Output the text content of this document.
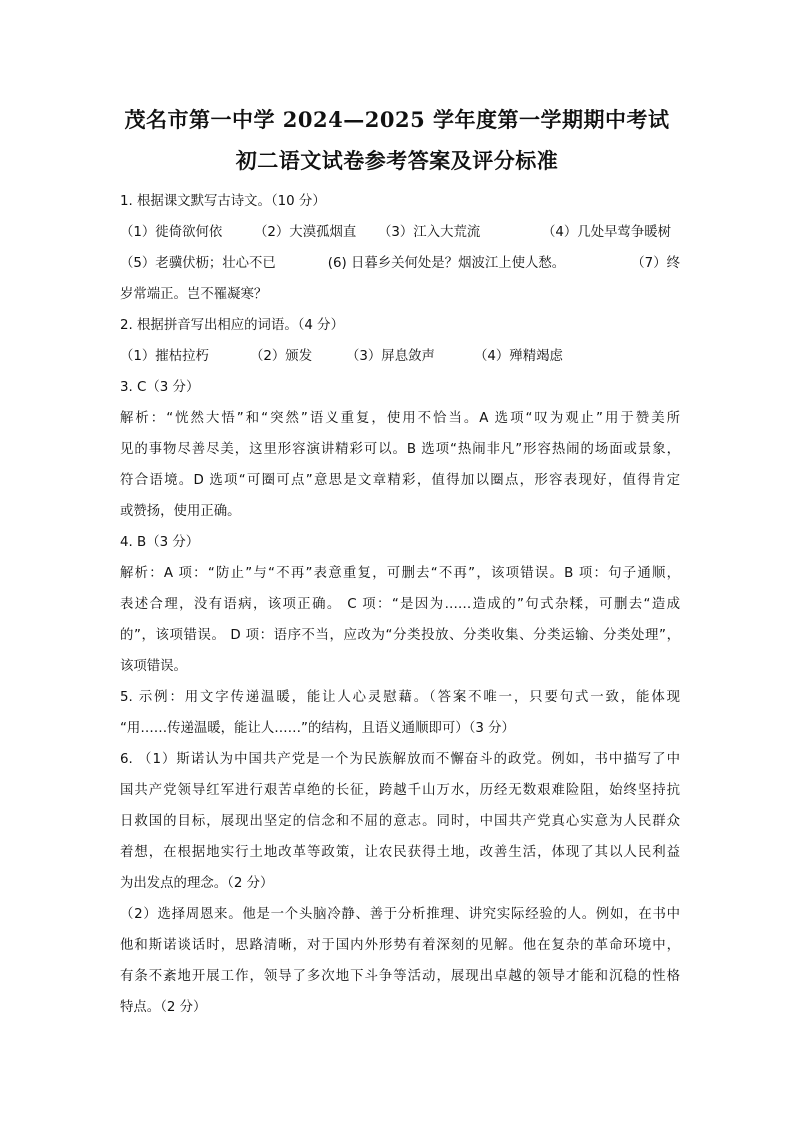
茂名市第一中学 2024—2025 学年度第一学期期中考试
初二语文试卷参考答案及评分标准
1. 根据课文默写古诗文。（10 分）
（1）徙倚欲何依	（2）大漠孤烟直	（3）江入大荒流	（4）几处早莺争暖树
（5）老骥伏枥；壮心不已	(6) 日暮乡关何处是？烟波江上使人愁。	（7）终
岁常端正。岂不罹凝寒？
2. 根据拼音写出相应的词语。（4 分）
（1）摧枯拉朽	（2）颁发	（3）屏息敛声	（4）殚精竭虑
3. C（3 分）
解析：“恍然大悟”和“突然”语义重复，使用不恰当。A 选项“叹为观止”用于赞美所
见的事物尽善尽美，这里形容演讲精彩可以。B 选项“热闹非凡”形容热闹的场面或景象，
符合语境。D 选项“可圈可点”意思是文章精彩，值得加以圈点，形容表现好，值得肯定
或赞扬，使用正确。
4. B（3 分）
解析：A 项：“防止”与“不再”表意重复，可删去“不再”，该项错误。B 项：句子通顺，
表述合理，没有语病，该项正确。 C 项：“是因为……造成的”句式杂糅，可删去“造成
的”，该项错误。 D 项：语序不当，应改为“分类投放、分类收集、分类运输、分类处理”，
该项错误。
5. 示例：用文字传递温暖，能让人心灵慰藉。（答案不唯一，只要句式一致，能体现
“用……传递温暖，能让人……”的结构，且语义通顺即可）（3 分）
6. （1）斯诺认为中国共产党是一个为民族解放而不懈奋斗的政党。例如，书中描写了中
国共产党领导红军进行艰苦卓绝的长征，跨越千山万水，历经无数艰难险阻，始终坚持抗
日救国的目标，展现出坚定的信念和不屈的意志。同时，中国共产党真心实意为人民群众
着想，在根据地实行土地改革等政策，让农民获得土地，改善生活，体现了其以人民利益
为出发点的理念。（2 分）
（2）选择周恩来。他是一个头脑冷静、善于分析推理、讲究实际经验的人。例如，在书中
他和斯诺谈话时，思路清晰，对于国内外形势有着深刻的见解。他在复杂的革命环境中，
有条不紊地开展工作，领导了多次地下斗争等活动，展现出卓越的领导才能和沉稳的性格
特点。（2 分）
